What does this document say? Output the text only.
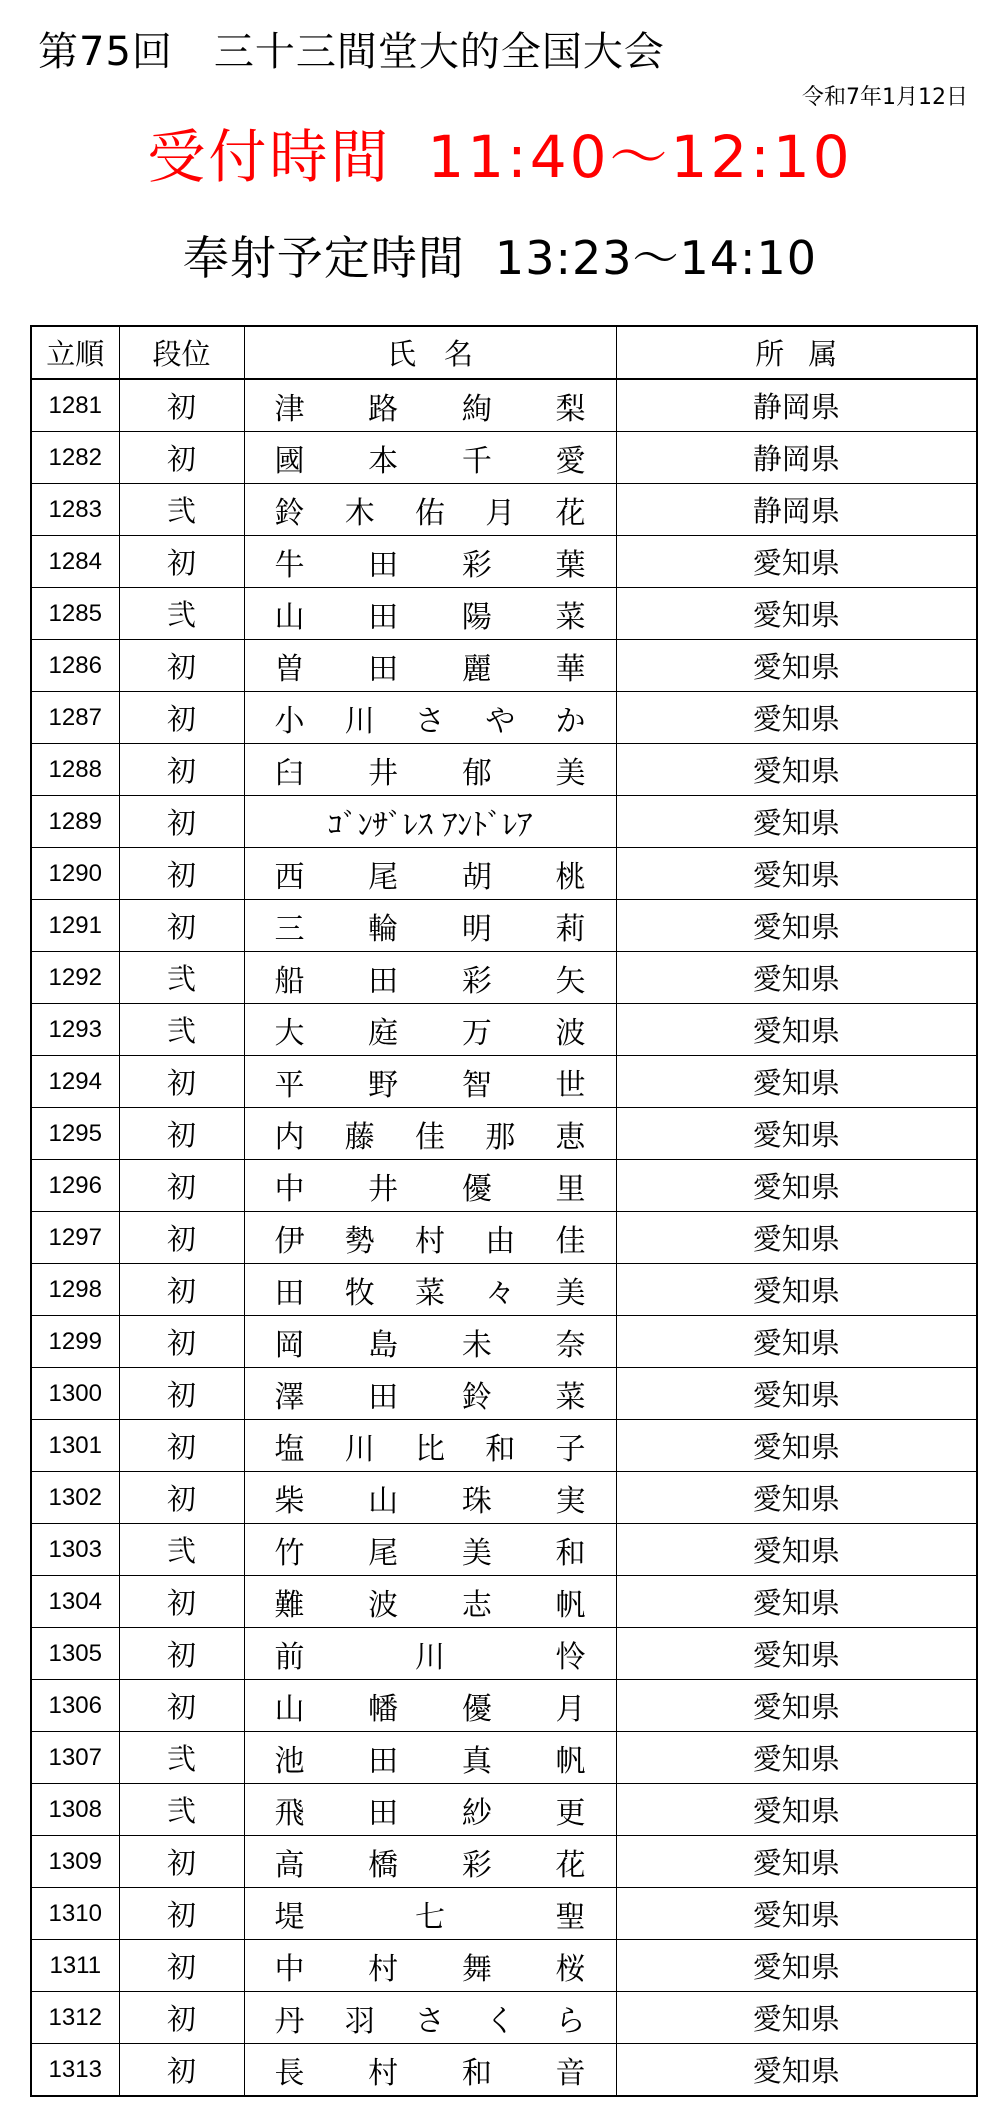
第75回　三十三間堂大的全国大会
令和7年1月12日
受付時間 11:40〜12:10
奉射予定時間 13:23〜14:10
立順	段位	氏名	所属
1281	初	津 路 絢 梨	静岡県
1282	初	國 本 千 愛	静岡県
1283	弐	鈴 木 佑 月 花	静岡県
1284	初	牛 田 彩 葉	愛知県
1285	弐	山 田 陽 菜	愛知県
1286	初	曽 田 麗 華	愛知県
1287	初	小 川 さ や か	愛知県
1288	初	臼 井 郁 美	愛知県
1289	初	ｺﾞﾝｻﾞﾚｽ ｱﾝﾄﾞﾚｱ	愛知県
1290	初	西 尾 胡 桃	愛知県
1291	初	三 輪 明 莉	愛知県
1292	弐	船 田 彩 矢	愛知県
1293	弐	大 庭 万 波	愛知県
1294	初	平 野 智 世	愛知県
1295	初	内 藤 佳 那 恵	愛知県
1296	初	中 井 優 里	愛知県
1297	初	伊 勢 村 由 佳	愛知県
1298	初	田 牧 菜 々 美	愛知県
1299	初	岡 島 未 奈	愛知県
1300	初	澤 田 鈴 菜	愛知県
1301	初	塩 川 比 和 子	愛知県
1302	初	柴 山 珠 実	愛知県
1303	弐	竹 尾 美 和	愛知県
1304	初	難 波 志 帆	愛知県
1305	初	前 川 怜	愛知県
1306	初	山 幡 優 月	愛知県
1307	弐	池 田 真 帆	愛知県
1308	弐	飛 田 紗 更	愛知県
1309	初	高 橋 彩 花	愛知県
1310	初	堤 七 聖	愛知県
1311	初	中 村 舞 桜	愛知県
1312	初	丹 羽 さ く ら	愛知県
1313	初	長 村 和 音	愛知県
